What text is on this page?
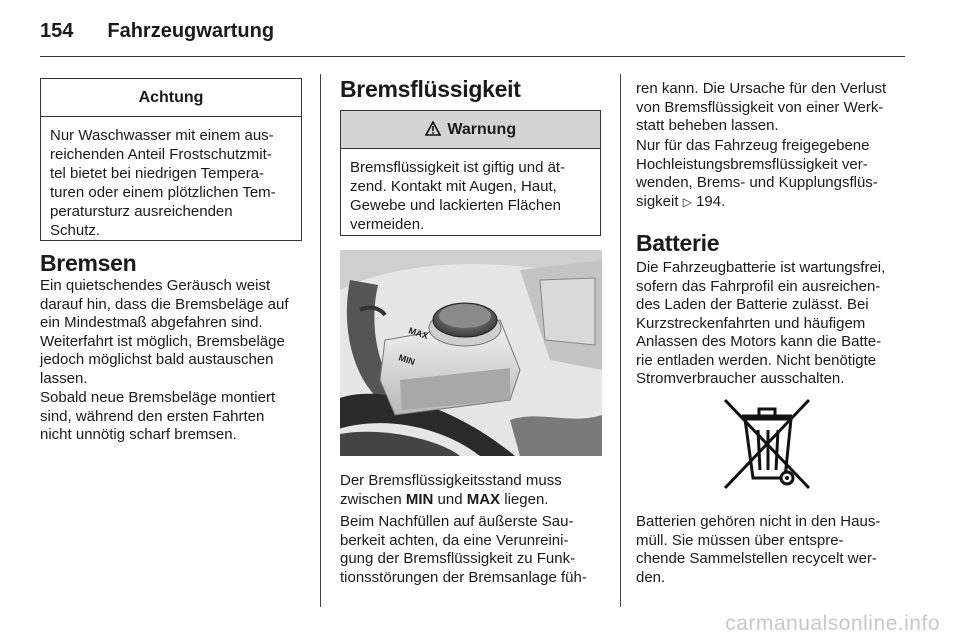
154 Fahrzeugwartung
Achtung
Nur Waschwasser mit einem aus-
reichenden Anteil Frostschutzmit-
tel bietet bei niedrigen Tempera-
turen oder einem plötzlichen Tem-
peratursturz ausreichenden
Schutz.
Bremsen
Ein quietschendes Geräusch weist
darauf hin, dass die Bremsbeläge auf
ein Mindestmaß abgefahren sind.
Weiterfahrt ist möglich, Bremsbeläge
jedoch möglichst bald austauschen
lassen.
Sobald neue Bremsbeläge montiert
sind, während den ersten Fahrten
nicht unnötig scharf bremsen.
Bremsflüssigkeit
Warnung
Bremsflüssigkeit ist giftig und ät-
zend. Kontakt mit Augen, Haut,
Gewebe und lackierten Flächen
vermeiden.
MAX
MIN
Der Bremsflüssigkeitsstand muss
zwischen MIN und MAX liegen.
Beim Nachfüllen auf äußerste Sau-
berkeit achten, da eine Verunreini-
gung der Bremsflüssigkeit zu Funk-
tionsstörungen der Bremsanlage füh-
ren kann. Die Ursache für den Verlust
von Bremsflüssigkeit von einer Werk-
statt beheben lassen.
Nur für das Fahrzeug freigegebene
Hochleistungsbremsflüssigkeit ver-
wenden, Brems- und Kupplungsflüs-
sigkeit ▷ 194.
Batterie
Die Fahrzeugbatterie ist wartungsfrei,
sofern das Fahrprofil ein ausreichen-
des Laden der Batterie zulässt. Bei
Kurzstreckenfahrten und häufigem
Anlassen des Motors kann die Batte-
rie entladen werden. Nicht benötigte
Stromverbraucher ausschalten.
Batterien gehören nicht in den Haus-
müll. Sie müssen über entspre-
chende Sammelstellen recycelt wer-
den.
carmanualsonline.info
